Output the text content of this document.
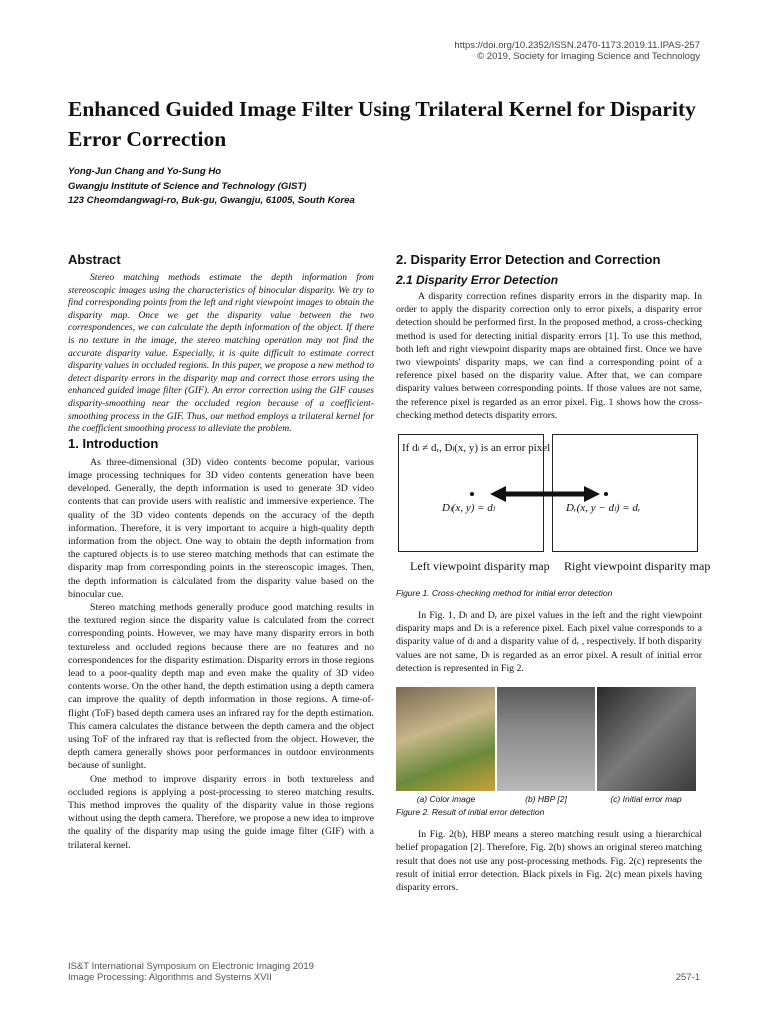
https://doi.org/10.2352/ISSN.2470-1173.2019.11.IPAS-257
© 2019, Society for Imaging Science and Technology
Enhanced Guided Image Filter Using Trilateral Kernel for Disparity Error Correction
Yong-Jun Chang and Yo-Sung Ho
Gwangju Institute of Science and Technology (GIST)
123 Cheomdangwagi-ro, Buk-gu, Gwangju, 61005, South Korea
Abstract

Stereo matching methods estimate the depth information from stereoscopic images using the characteristics of binocular disparity. We try to find corresponding points from the left and right viewpoint images to obtain the disparity map. Once we get the disparity value between the two correspondences, we can calculate the depth information of the object. If there is no texture in the image, the stereo matching operation may not find the accurate disparity value. Especially, it is quite difficult to estimate correct disparity values in occluded regions. In this paper, we propose a new method to detect disparity errors in the disparity map and correct those errors using the enhanced guided image filter (GIF). An error correction using the GIF causes disparity-smoothing near the occluded region because of a coefficient-smoothing process in the GIF. Thus, our method employs a trilateral kernel for the coefficient smoothing process to alleviate the problem.

1. Introduction

As three-dimensional (3D) video contents become popular, various image processing techniques for 3D video contents generation have been developed. Generally, the depth information is used to generate 3D video contents that can provide users with realistic and immersive experience. The quality of the 3D video contents depends on the accuracy of the depth information. Therefore, it is very important to acquire a high-quality depth information from the object. One way to obtain the depth information from the captured objects is to use stereo matching methods that can estimate the disparity map from corresponding points in the stereoscopic images. Then, the depth information is calculated from the disparity value based on the binocular cue.

Stereo matching methods generally produce good matching results in the textured region since the disparity value is calculated from the correct corresponding points. However, we may have many disparity errors in both textureless and occluded regions because there are no features and no correspondences for the disparity estimation. Disparity errors in those regions lead to a poor-quality depth map and even make the quality of 3D video contents worse. On the other hand, the depth estimation using a depth camera can improve the quality of depth information in those regions. A time-of-flight (ToF) based depth camera uses an infrared ray for the depth estimation. This camera calculates the distance between the depth camera and the object using ToF of the infrared ray that is reflected from the object. However, the depth camera generally shows poor performances in outdoor environments because of sunlight.

One method to improve disparity errors in both textureless and occluded regions is applying a post-processing to stereo matching results. This method improves the quality of the disparity value in those regions without using the depth camera. Therefore, we propose a new idea to improve the quality of the disparity map using the guide image filter (GIF) with a trilateral kernel.

2. Disparity Error Detection and Correction
2.1 Disparity Error Detection

A disparity correction refines disparity errors in the disparity map. In order to apply the disparity correction only to error pixels, a disparity error detection should be performed first. In the proposed method, a cross-checking method is used for detecting initial disparity errors [1]. To use this method, both left and right viewpoint disparity maps are obtained first. Once we have two viewpoints' disparity maps, we can find a corresponding point of a reference pixel based on the disparity value. After that, we can compare disparity values between corresponding points. If those values are not same, the reference pixel is regarded as an error pixel. Fig. 1 shows how the cross-checking method detects disparity errors.

If dₗ ≠ dᵣ, Dₗ(x, y) is an error pixel
Dₗ(x, y) = dₗ	Dᵣ(x, y − dₗ) = dᵣ
Left viewpoint disparity map Right viewpoint disparity map
Figure 1. Cross-checking method for initial error detection

In Fig. 1, Dₗ and Dᵣ are pixel values in the left and the right viewpoint disparity maps and Dₗ is a reference pixel. Each pixel value corresponds to a disparity value of dₗ and a disparity value of dᵣ , respectively. If both disparity values are not same, Dₗ is regarded as an error pixel. A result of initial error detection is represented in Fig 2.

(a) Color image	(b) HBP [2]	(c) Initial error map
Figure 2. Result of initial error detection

In Fig. 2(b), HBP means a stereo matching result using a hierarchical belief propagation [2]. Therefore, Fig. 2(b) shows an original stereo matching result that does not use any post-processing methods. Fig. 2(c) represents the result of initial error detection. Black pixels in Fig. 2(c) mean pixels having disparity errors.

IS&T International Symposium on Electronic Imaging 2019
Image Processing: Algorithms and Systems XVII	257-1
